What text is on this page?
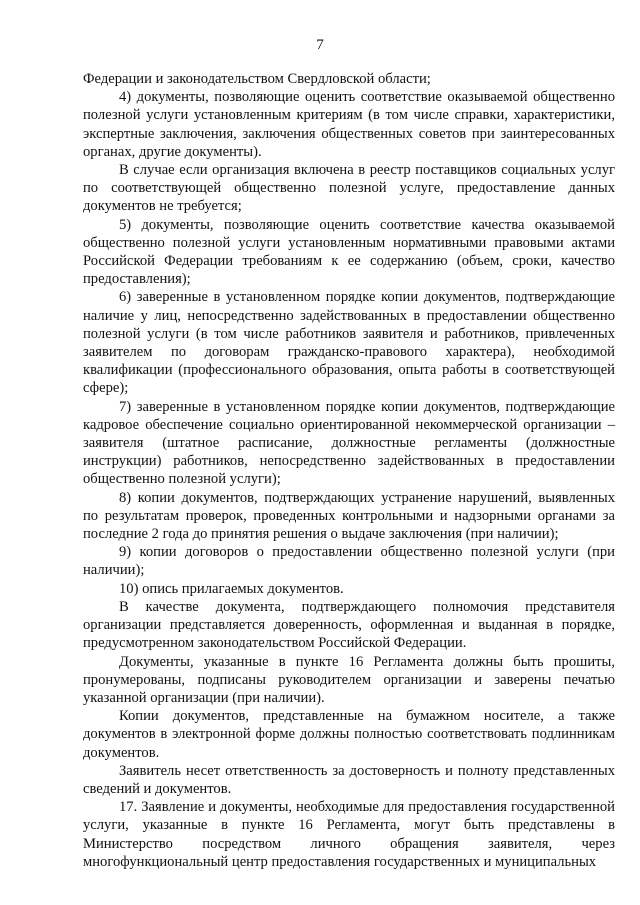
7

Федерации и законодательством Свердловской области;

4) документы, позволяющие оценить соответствие оказываемой общественно полезной услуги установленным критериям (в том числе справки, характеристики, экспертные заключения, заключения общественных советов при заинтересованных органах, другие документы).

В случае если организация включена в реестр поставщиков социальных услуг по соответствующей общественно полезной услуге, предоставление данных документов не требуется;

5) документы, позволяющие оценить соответствие качества оказываемой общественно полезной услуги установленным нормативными правовыми актами Российской Федерации требованиям к ее содержанию (объем, сроки, качество предоставления);

6) заверенные в установленном порядке копии документов, подтверждающие наличие у лиц, непосредственно задействованных в предоставлении общественно полезной услуги (в том числе работников заявителя и работников, привлеченных заявителем по договорам гражданско-правового характера), необходимой квалификации (профессионального образования, опыта работы в соответствующей сфере);

7) заверенные в установленном порядке копии документов, подтверждающие кадровое обеспечение социально ориентированной некоммерческой организации – заявителя (штатное расписание, должностные регламенты (должностные инструкции) работников, непосредственно задействованных в предоставлении общественно полезной услуги);

8) копии документов, подтверждающих устранение нарушений, выявленных по результатам проверок, проведенных контрольными и надзорными органами за последние 2 года до принятия решения о выдаче заключения (при наличии);

9) копии договоров о предоставлении общественно полезной услуги (при наличии);

10) опись прилагаемых документов.

В качестве документа, подтверждающего полномочия представителя организации представляется доверенность, оформленная и выданная в порядке, предусмотренном законодательством Российской Федерации.

Документы, указанные в пункте 16 Регламента должны быть прошиты, пронумерованы, подписаны руководителем организации и заверены печатью указанной организации (при наличии).

Копии документов, представленные на бумажном носителе, а также документов в электронной форме должны полностью соответствовать подлинникам документов.

Заявитель несет ответственность за достоверность и полноту представленных сведений и документов.

17. Заявление и документы, необходимые для предоставления государственной услуги, указанные в пункте 16 Регламента, могут быть представлены в Министерство посредством личного обращения заявителя, через многофункциональный центр предоставления государственных и муниципальных
